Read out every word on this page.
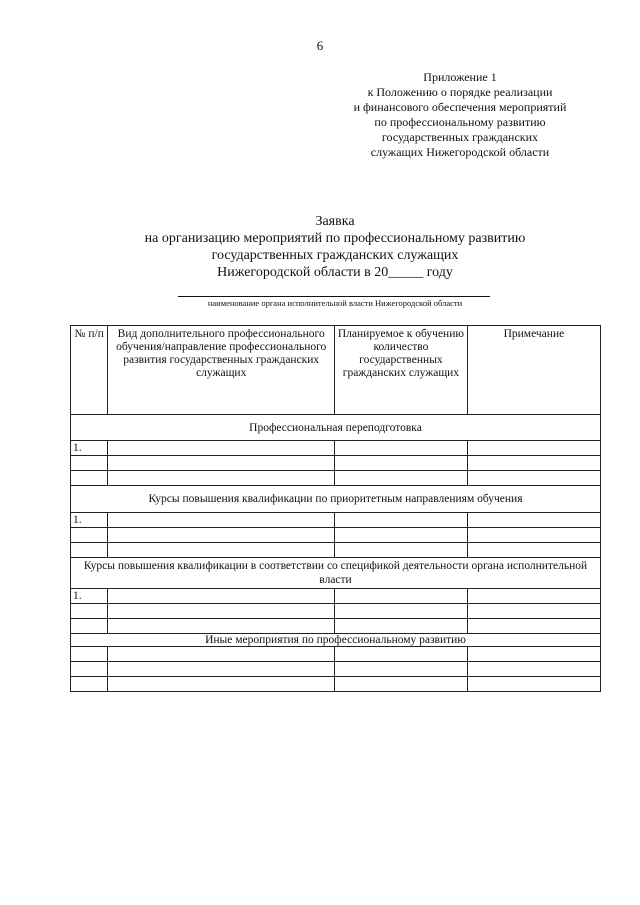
6
Приложение 1
к Положению о порядке реализации
и финансового обеспечения мероприятий
по профессиональному развитию
государственных гражданских
служащих Нижегородской области
Заявка
на организацию мероприятий по профессиональному развитию
государственных гражданских служащих
Нижегородской области в 20_____ году
наименование органа исполнительной власти Нижегородской области
№ п/п	Вид дополнительного профессионального обучения/направление профессионального развития государственных гражданских служащих	Планируемое к обучению количество государственных гражданских служащих	Примечание
Профессиональная переподготовка			
1.			

Курсы повышения квалификации по приоритетным направлениям обучения			
1.			

Курсы повышения квалификации в соответствии со спецификой деятельности органа исполнительной власти			
1.			

Иные мероприятия по профессиональному развитию			
